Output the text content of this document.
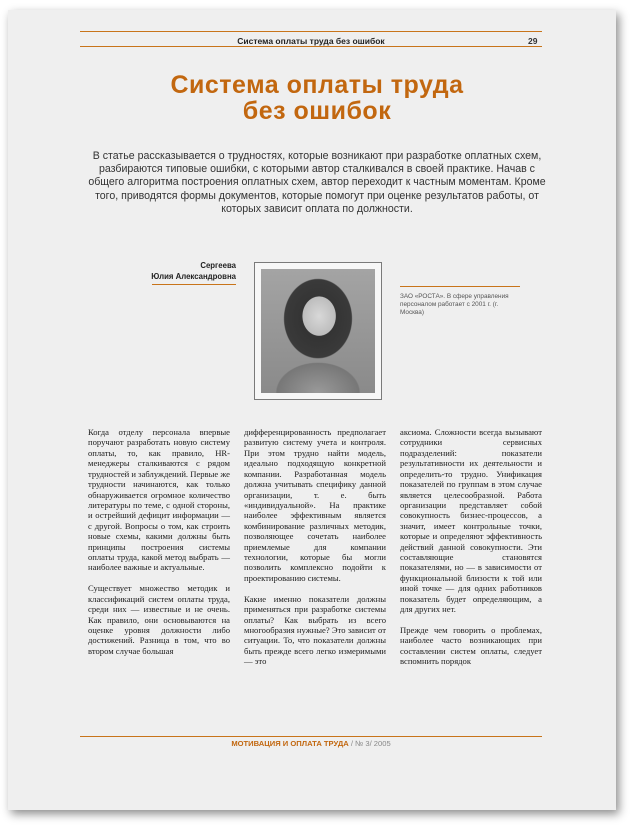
Система оплаты труда без ошибок	29
Система оплаты труда
без ошибок
В статье рассказывается о трудностях, которые возникают при разработке оплатных схем, разбираются типовые ошибки, с которыми автор сталкивался в своей практике. Начав с общего алгоритма построения оплатных схем, автор переходит к частным моментам. Кроме того, приводятся формы документов, которые помогут при оценке результатов работы, от которых зависит оплата по должности.
Сергеева
Юлия Александровна
ЗАО «РОСТА». В сфере управления персоналом работает с 2001 г. (г. Москва)

Когда отделу персонала впервые поручают разработать новую систему оплаты, то, как правило, HR-менеджеры сталкиваются с рядом трудностей и заблуждений. Первые же трудности начинаются, как только обнаруживается огромное количество литературы по теме, с одной стороны, и острейший дефицит информации — с другой. Вопросы о том, как строить новые схемы, какими должны быть принципы построения системы оплаты труда, какой метод выбрать — наиболее важные и актуальные.

Существует множество методик и классификаций систем оплаты труда, среди них — известные и не очень. Как правило, они основываются на оценке уровня должности либо достижений. Разница в том, что во втором случае большая

дифференцированность предполагает развитую систему учета и контроля. При этом трудно найти модель, идеально подходящую конкретной компании. Разработанная модель должна учитывать специфику данной организации, т. е. быть «индивидуальной». На практике наиболее эффективным является комбинирование различных методик, позволяющее сочетать наиболее приемлемые для компании технологии, которые бы могли позволить комплексно подойти к проектированию системы.

Какие именно показатели должны применяться при разработке системы оплаты? Как выбрать из всего многообразия нужные? Это зависит от ситуации. То, что показатели должны быть прежде всего легко измеримыми — это

аксиома. Сложности всегда вызывают сотрудники сервисных подразделений: показатели результативности их деятельности и определить-то трудно. Унификация показателей по группам в этом случае является целесообразной. Работа организации представляет собой совокупность бизнес-процессов, а значит, имеет контрольные точки, которые и определяют эффективность действий данной совокупности. Эти составляющие становятся показателями, но — в зависимости от функциональной близости к той или иной точке — для одних работников показатель будет определяющим, а для других нет.

Прежде чем говорить о проблемах, наиболее часто возникающих при составлении систем оплаты, следует вспомнить порядок

МОТИВАЦИЯ И ОПЛАТА ТРУДА / № 3/ 2005
